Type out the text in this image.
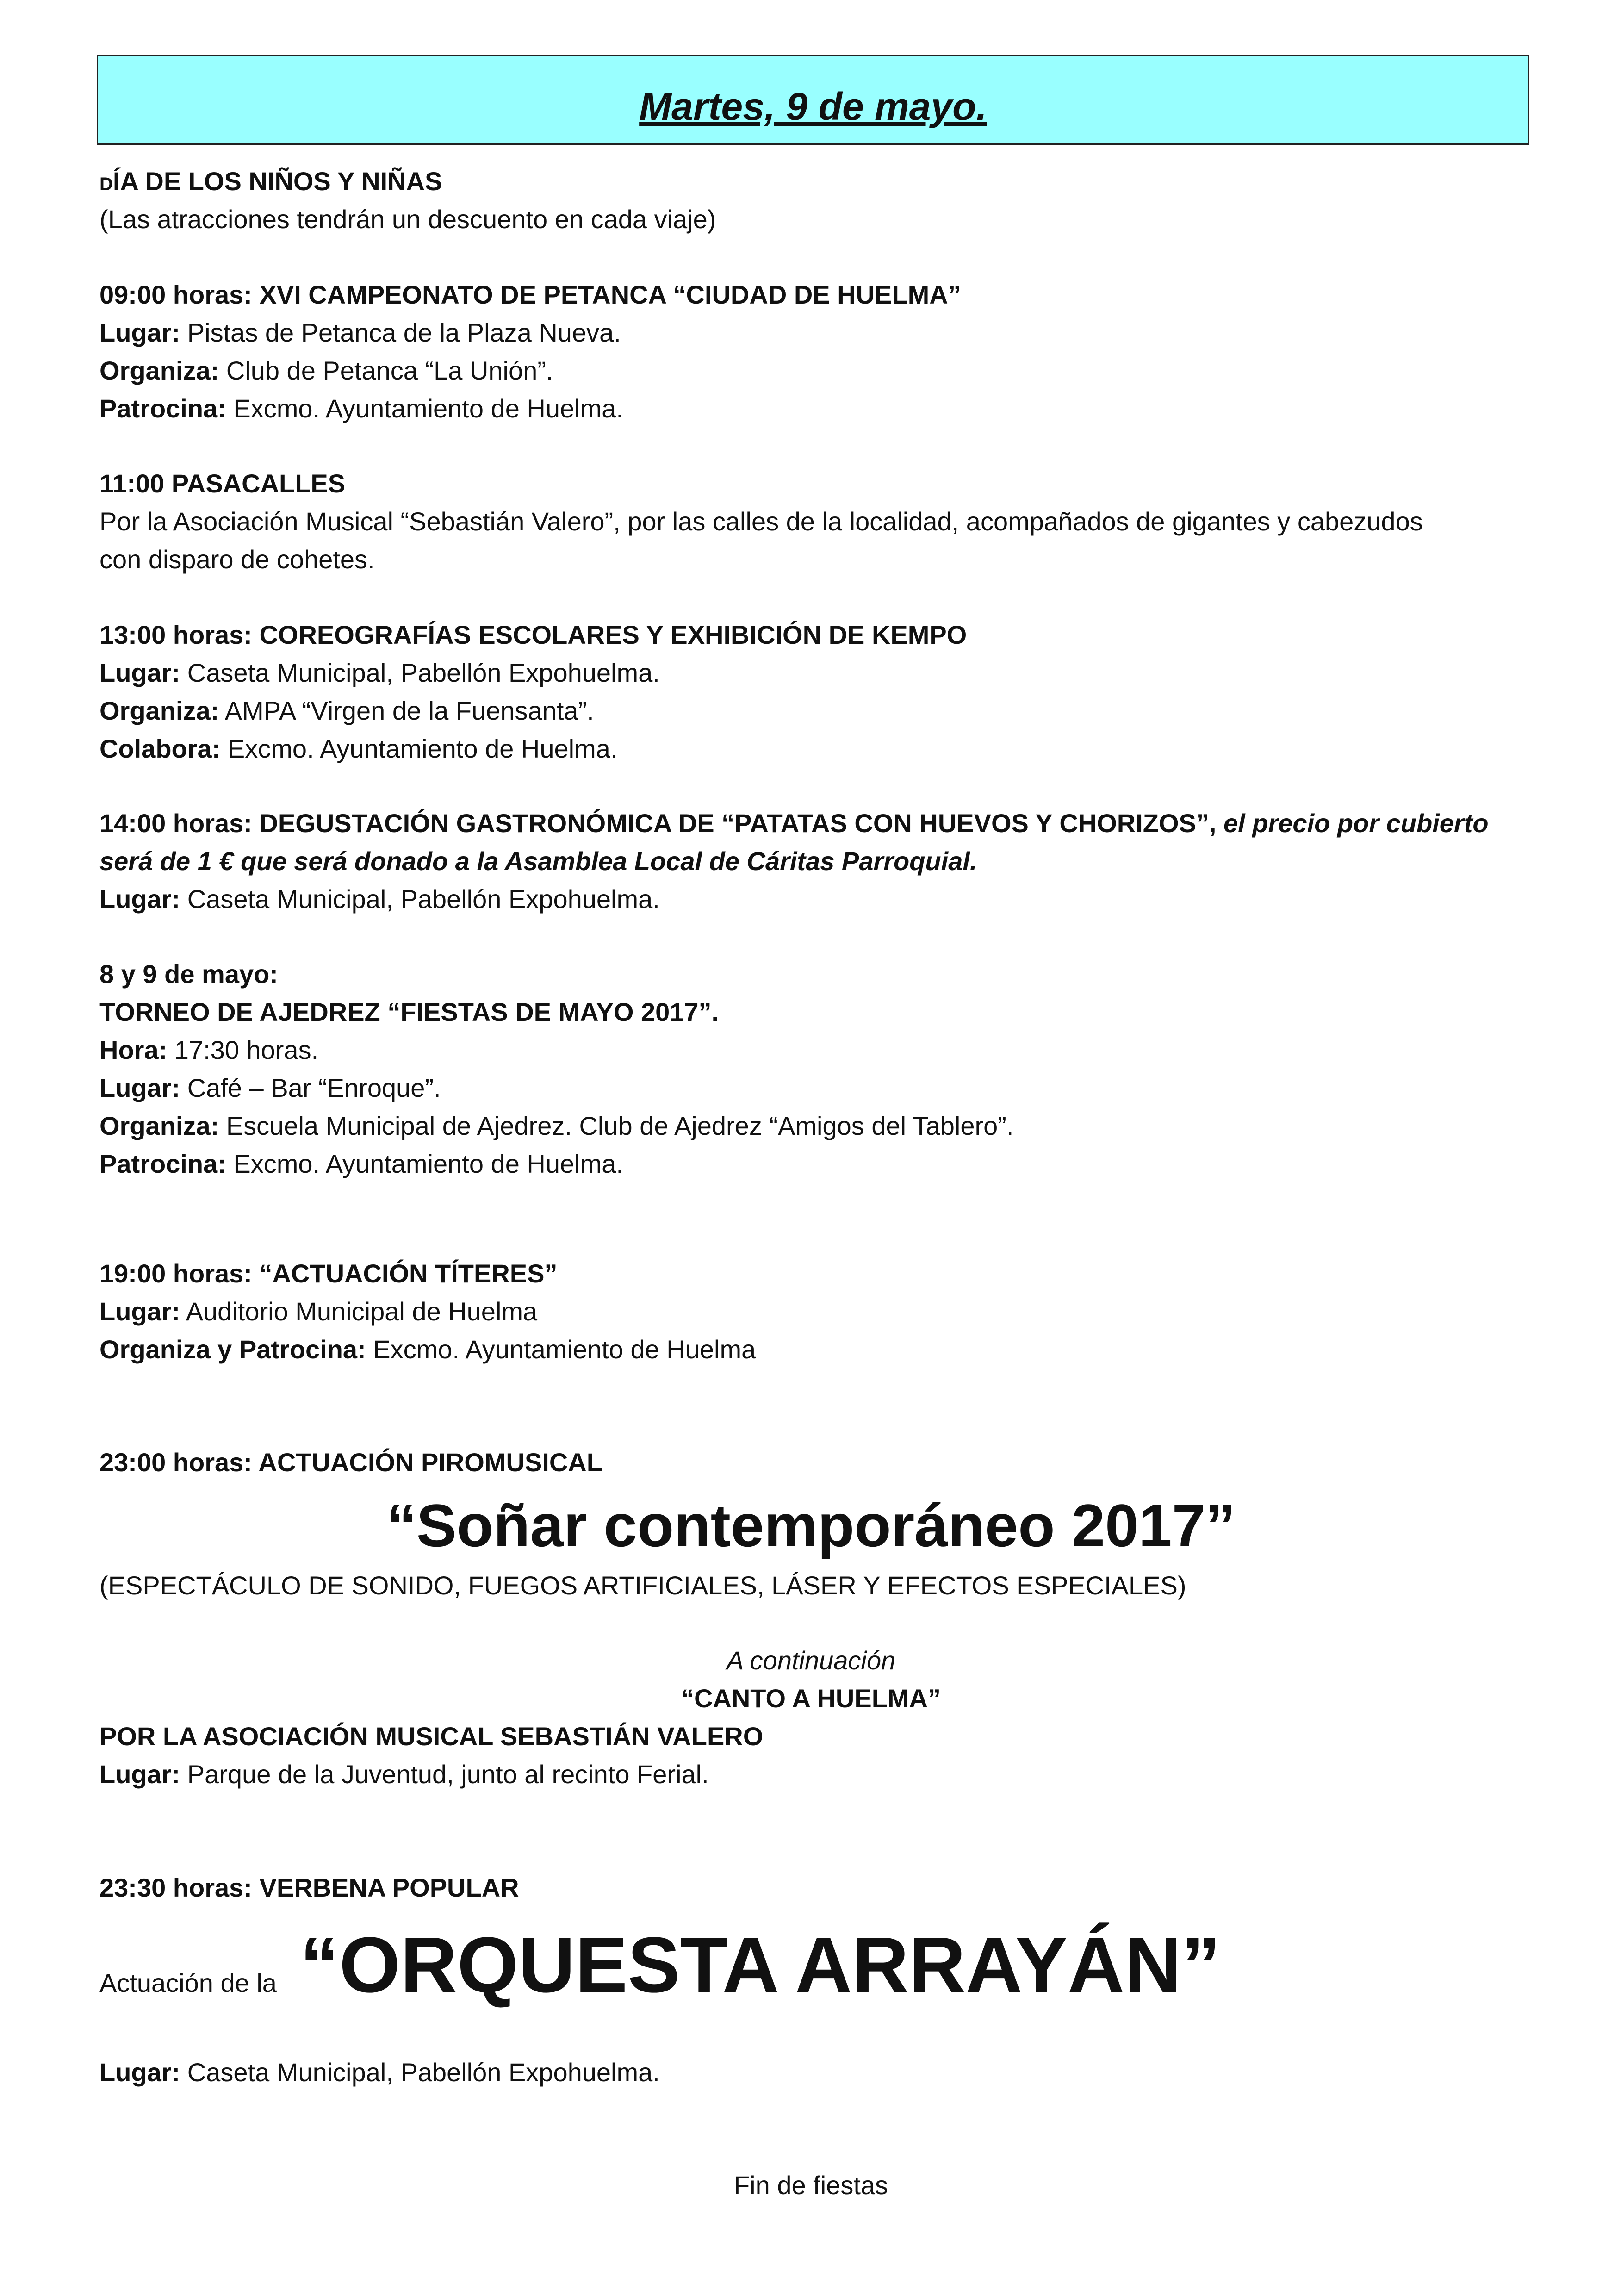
Martes, 9 de mayo.
DÍA DE LOS NIÑOS Y NIÑAS
(Las atracciones tendrán un descuento en cada viaje)
09:00 horas: XVI CAMPEONATO DE PETANCA “CIUDAD DE HUELMA”
Lugar: Pistas de Petanca de la Plaza Nueva.
Organiza: Club de Petanca “La Unión”.
Patrocina: Excmo. Ayuntamiento de Huelma.
11:00 PASACALLES
Por la Asociación Musical “Sebastián Valero”, por las calles de la localidad, acompañados de gigantes y cabezudos
con disparo de cohetes.
13:00 horas: COREOGRAFÍAS ESCOLARES Y EXHIBICIÓN DE KEMPO
Lugar: Caseta Municipal, Pabellón Expohuelma.
Organiza: AMPA “Virgen de la Fuensanta”.
Colabora: Excmo. Ayuntamiento de Huelma.
14:00 horas: DEGUSTACIÓN GASTRONÓMICA DE “PATATAS CON HUEVOS Y CHORIZOS”, el precio por cubierto
será de 1 € que será donado a la Asamblea Local de Cáritas Parroquial.
Lugar: Caseta Municipal, Pabellón Expohuelma.
8 y 9 de mayo:
TORNEO DE AJEDREZ “FIESTAS DE MAYO 2017”.
Hora: 17:30 horas.
Lugar: Café – Bar “Enroque”.
Organiza: Escuela Municipal de Ajedrez. Club de Ajedrez “Amigos del Tablero”.
Patrocina: Excmo. Ayuntamiento de Huelma.
19:00 horas: “ACTUACIÓN TÍTERES”
Lugar: Auditorio Municipal de Huelma
Organiza y Patrocina: Excmo. Ayuntamiento de Huelma
23:00 horas: ACTUACIÓN PIROMUSICAL
“Soñar contemporáneo 2017”
(ESPECTÁCULO DE SONIDO, FUEGOS ARTIFICIALES, LÁSER Y EFECTOS ESPECIALES)
A continuación
“CANTO A HUELMA”
POR LA ASOCIACIÓN MUSICAL SEBASTIÁN VALERO
Lugar: Parque de la Juventud, junto al recinto Ferial.
23:30 horas: VERBENA POPULAR
Actuación de la “ORQUESTA ARRAYÁN”
Lugar: Caseta Municipal, Pabellón Expohuelma.
Fin de fiestas
